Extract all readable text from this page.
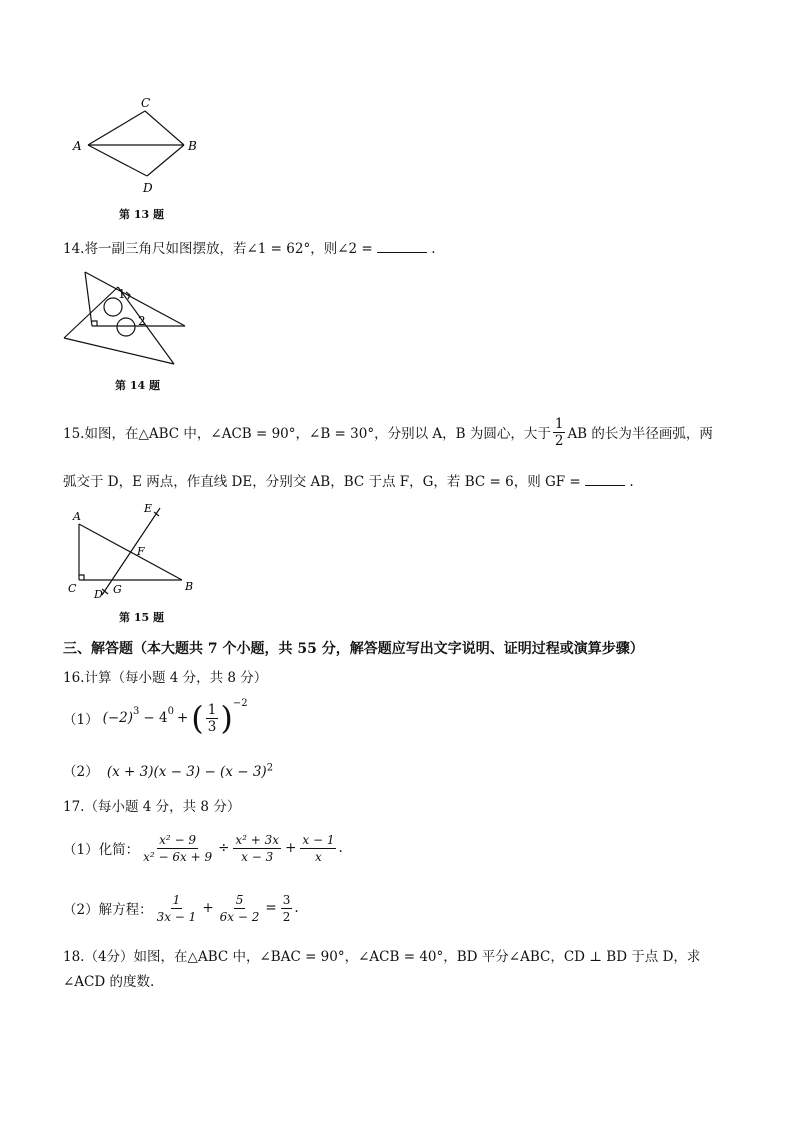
C
A	B
D
第 13 题
14.将一副三角尺如图摆放，若∠1 = 62°，则∠2 =	.
1
2
第 14 题
15.如图，在△ABC 中，∠ACB = 90°，∠B = 30°，分别以 A，B 为圆心，大于 $\frac{1}{2}$ AB 的长为半径画弧，两
弧交于 D，E 两点，作直线 DE，分别交 AB，BC 于点 F，G，若 BC = 6，则 GF =	.
A
E
F
B
C D G
第 15 题
三、解答题（本大题共 7 个小题，共 55 分，解答题应写出文字说明、证明过程或演算步骤）
16.计算（每小题 4 分，共 8 分）
（1） $(-2)^3 - 4^0$ + ( $\frac{1}{3} )^{-2}$
（2） $(x + 3)(x - 3) - (x - 3)^2$
17.（每小题 4 分，共 8 分）
（1）化简： $\frac{\text{x² − 9}}{\text{x² − 6x + 9}} \div \frac{\text{x² + 3x}}{x - 3} + \frac{x - 1}{x}$ .
（2）解方程： $\frac{1}{3x - 1} + \frac{5}{6x - 2} = \frac{3}{2}$ .
18.（4分）如图，在△ABC 中，∠BAC = 90°，∠ACB = 40°，BD 平分∠ABC，CD ⊥ BD 于点 D，求
∠ACD 的度数.
